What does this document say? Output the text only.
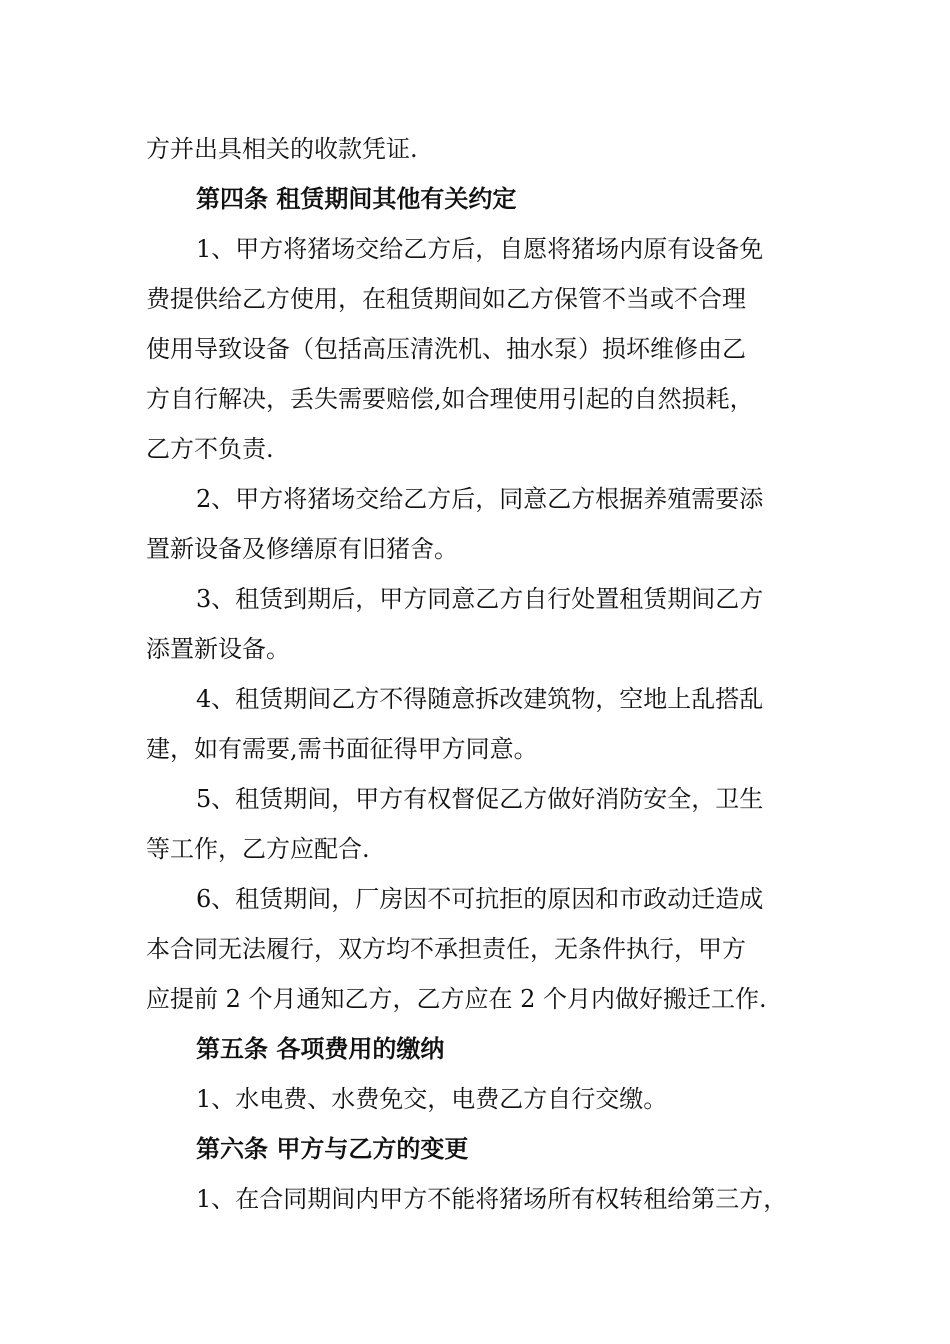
方并出具相关的收款凭证.
第四条 租赁期间其他有关约定
1、甲方将猪场交给乙方后，自愿将猪场内原有设备免
费提供给乙方使用，在租赁期间如乙方保管不当或不合理
使用导致设备（包括高压清洗机、抽水泵）损坏维修由乙
方自行解决，丢失需要赔偿,如合理使用引起的自然损耗，
乙方不负责.
2、甲方将猪场交给乙方后，同意乙方根据养殖需要添
置新设备及修缮原有旧猪舍。
3、租赁到期后，甲方同意乙方自行处置租赁期间乙方
添置新设备。
4、租赁期间乙方不得随意拆改建筑物，空地上乱搭乱
建，如有需要,需书面征得甲方同意。
5、租赁期间，甲方有权督促乙方做好消防安全，卫生
等工作，乙方应配合.
6、租赁期间，厂房因不可抗拒的原因和市政动迁造成
本合同无法履行，双方均不承担责任，无条件执行，甲方
应提前 2 个月通知乙方，乙方应在 2 个月内做好搬迁工作.
第五条 各项费用的缴纳
1、水电费、水费免交，电费乙方自行交缴。
第六条 甲方与乙方的变更
1、在合同期间内甲方不能将猪场所有权转租给第三方，
